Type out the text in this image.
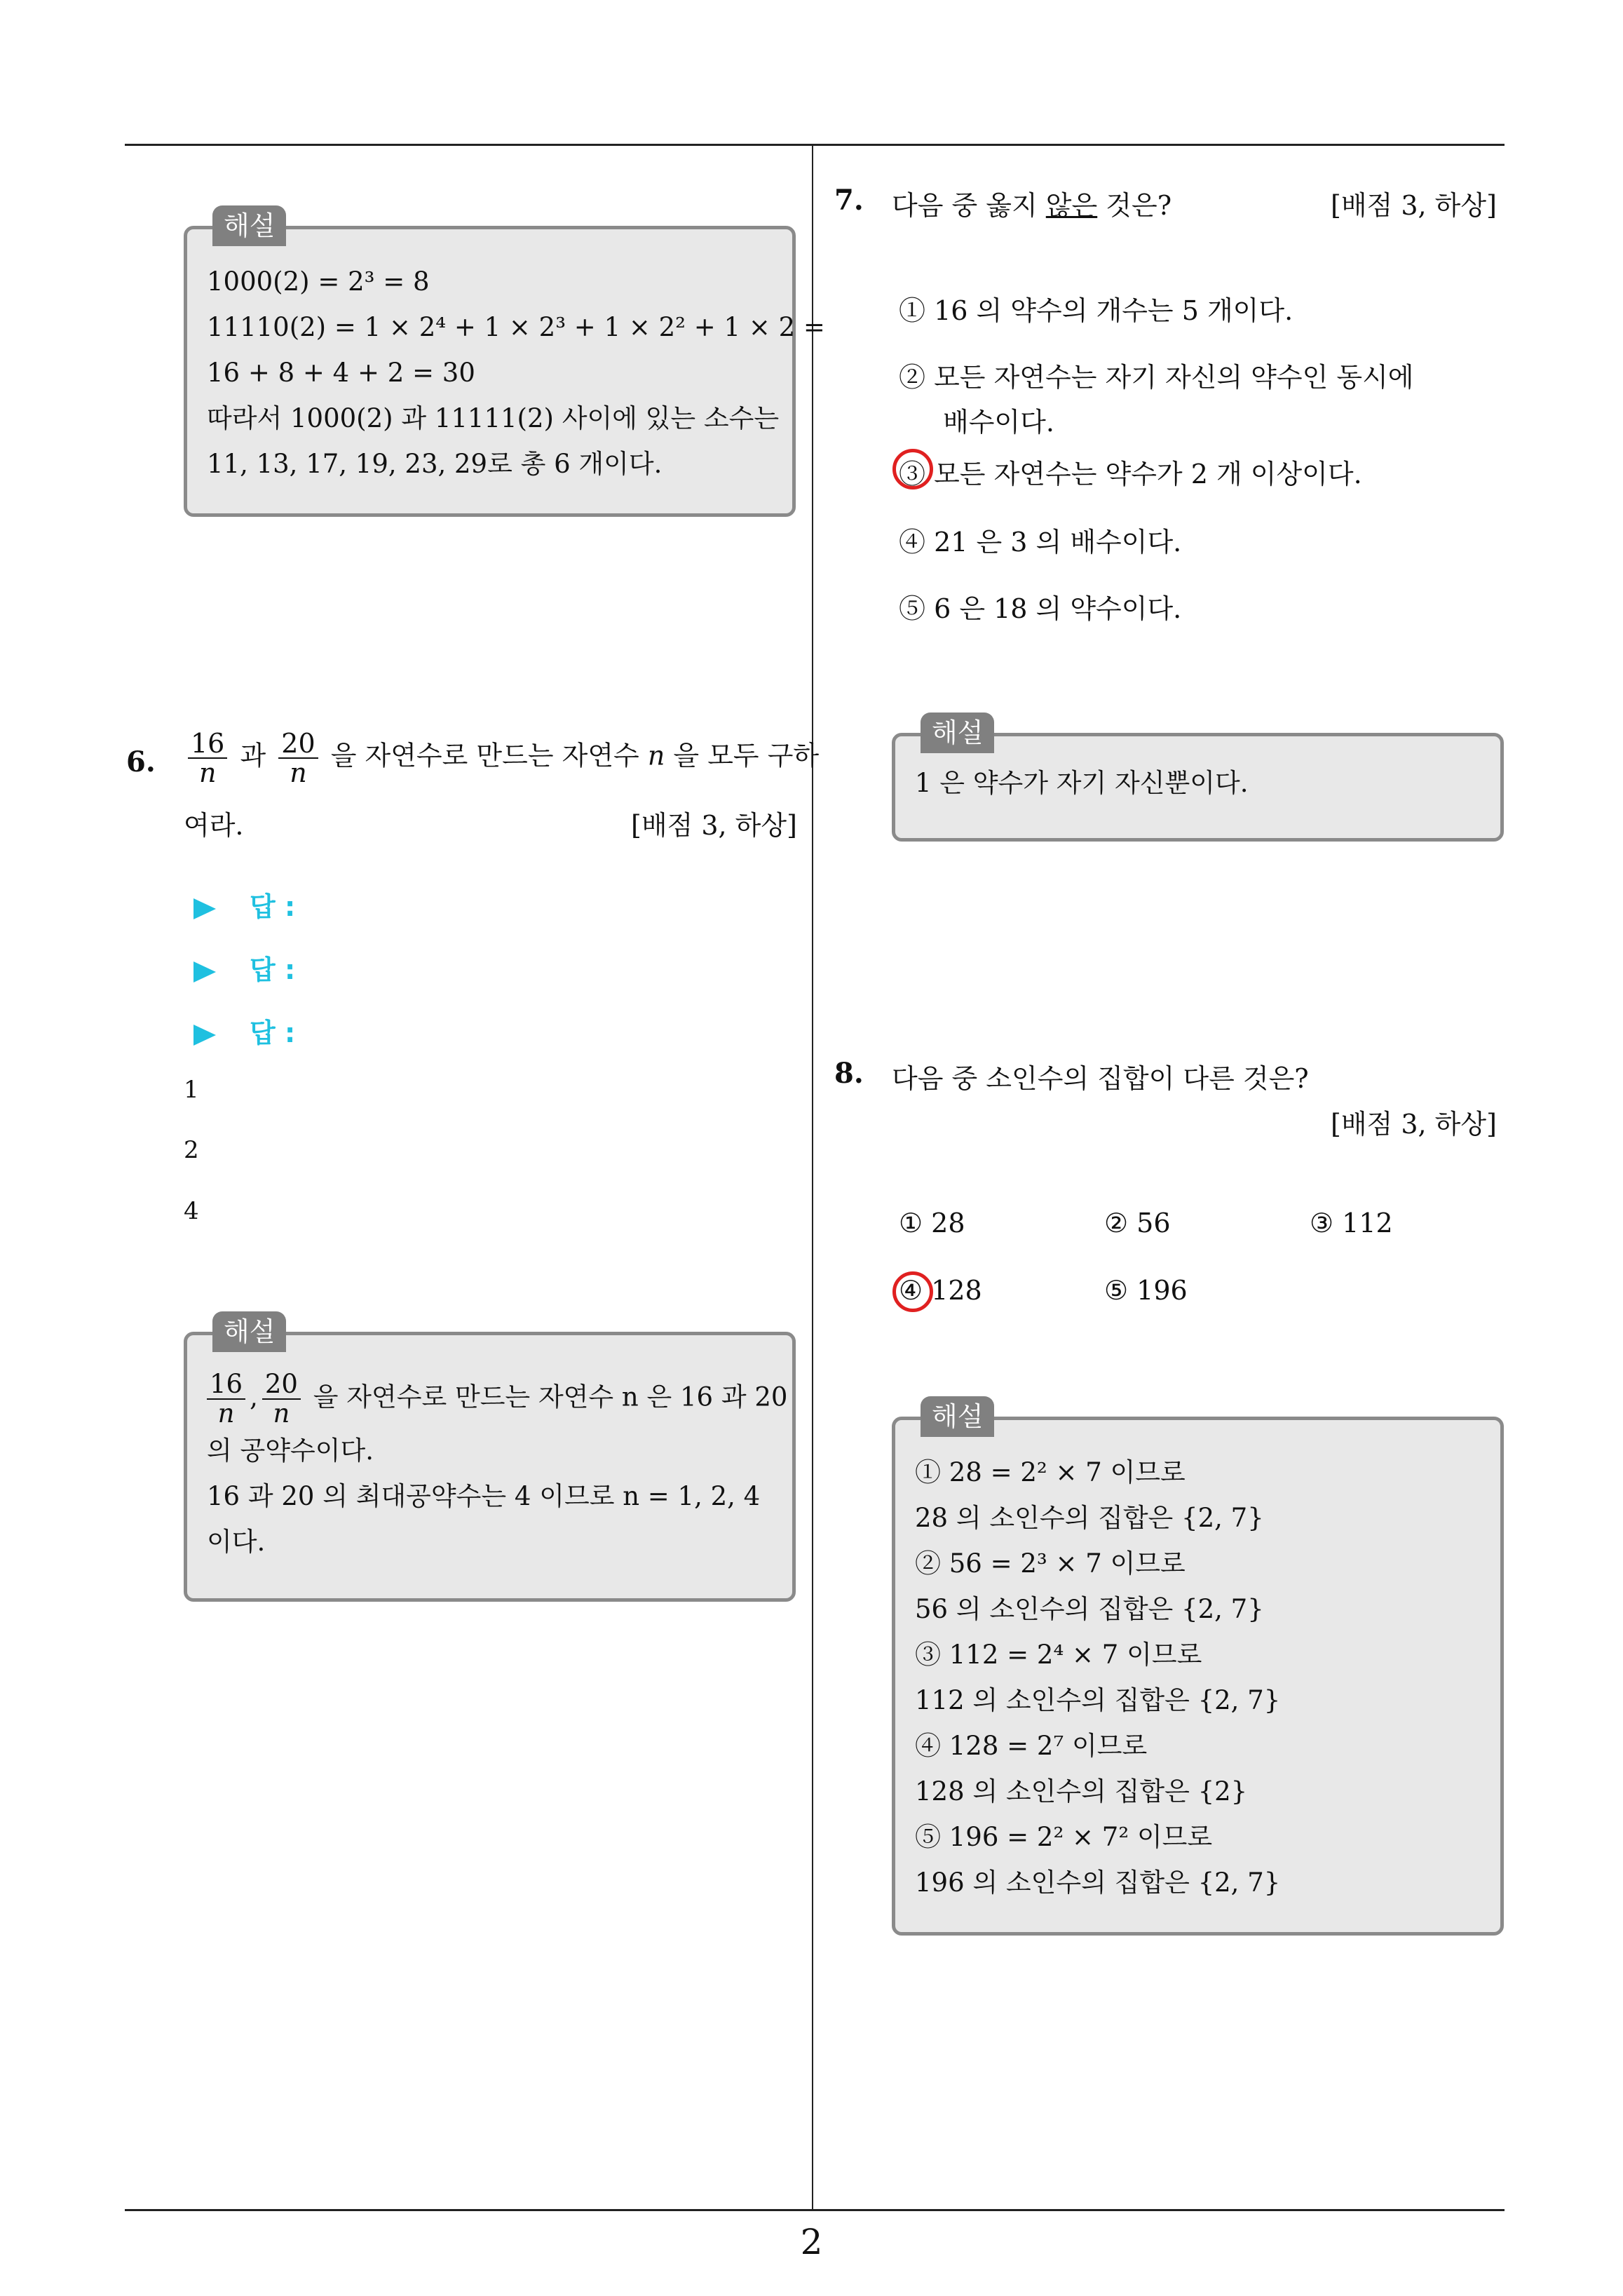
2
해설
1000(2) = 2³ = 8
11110(2) = 1 × 2⁴ + 1 × 2³ + 1 × 2² + 1 × 2 =
16 + 8 + 4 + 2 = 30
따라서 1000(2) 과 11111(2) 사이에 있는 소수는
11, 13, 17, 19, 23, 29로 총 6 개이다.
6. $\frac{16}{n}$ 과 $\frac{20}{n}$ 을 자연수로 만드는 자연수 n 을 모두 구하
여라.	[배점 3, 하상]
답 :
답 :
답 :
1
2
4
해설
$\frac{16}{n}$ , $\frac{20}{n}$ 을 자연수로 만드는 자연수 n 은 16 과 20
의 공약수이다.
16 과 20 의 최대공약수는 4 이므로 n = 1, 2, 4
이다.
7. 다음 중 옳지 않은 것은?	[배점 3, 하상]
① 16 의 약수의 개수는 5 개이다.
② 모든 자연수는 자기 자신의 약수인 동시에
배수이다.
③ 모든 자연수는 약수가 2 개 이상이다.
④ 21 은 3 의 배수이다.
⑤ 6 은 18 의 약수이다.
해설
1 은 약수가 자기 자신뿐이다.
8. 다음 중 소인수의 집합이 다른 것은?
[배점 3, 하상]
① 28	② 56	③ 112
④ 128	⑤ 196
해설
① 28 = 2² × 7 이므로
28 의 소인수의 집합은 {2, 7}
② 56 = 2³ × 7 이므로
56 의 소인수의 집합은 {2, 7}
③ 112 = 2⁴ × 7 이므로
112 의 소인수의 집합은 {2, 7}
④ 128 = 2⁷ 이므로
128 의 소인수의 집합은 {2}
⑤ 196 = 2² × 7² 이므로
196 의 소인수의 집합은 {2, 7}
